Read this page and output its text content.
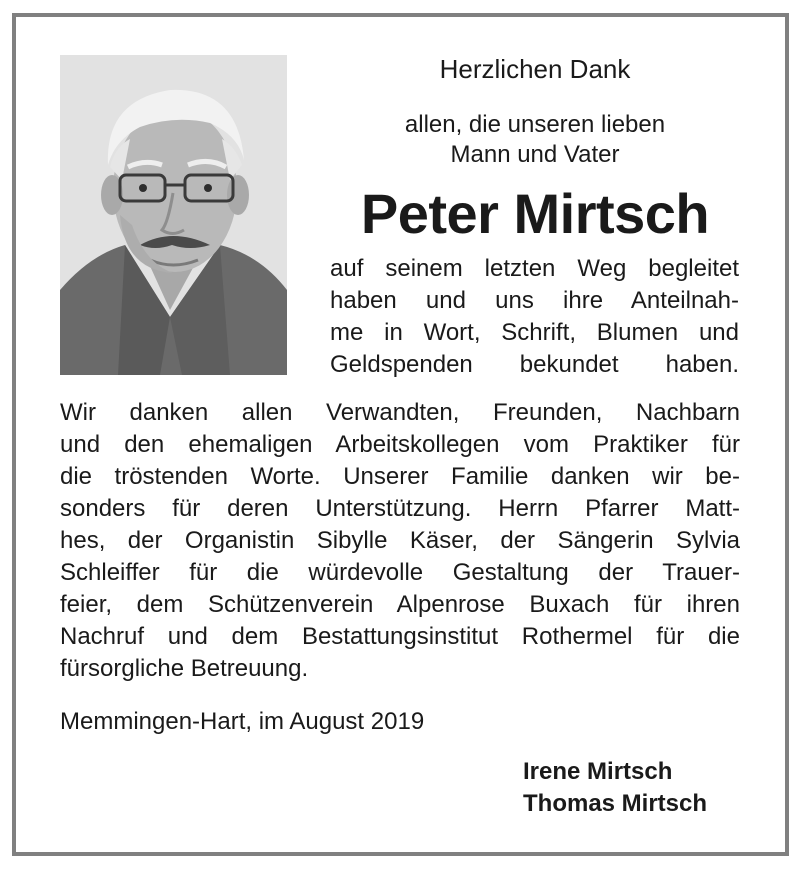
Herzlichen Dank
allen, die unseren lieben
Mann und Vater
Peter Mirtsch
auf seinem letzten Weg begleitet
haben und uns ihre Anteilnah-
me in Wort, Schrift, Blumen und
Geldspenden bekundet haben.
Wir danken allen Verwandten, Freunden, Nachbarn
und den ehemaligen Arbeitskollegen vom Praktiker für
die tröstenden Worte. Unserer Familie danken wir be-
sonders für deren Unterstützung. Herrn Pfarrer Matt-
hes, der Organistin Sibylle Käser, der Sängerin Sylvia
Schleiffer für die würdevolle Gestaltung der Trauer-
feier, dem Schützenverein Alpenrose Buxach für ihren
Nachruf und dem Bestattungsinstitut Rothermel für die
fürsorgliche Betreuung.
Memmingen-Hart, im August 2019
Irene Mirtsch
Thomas Mirtsch
